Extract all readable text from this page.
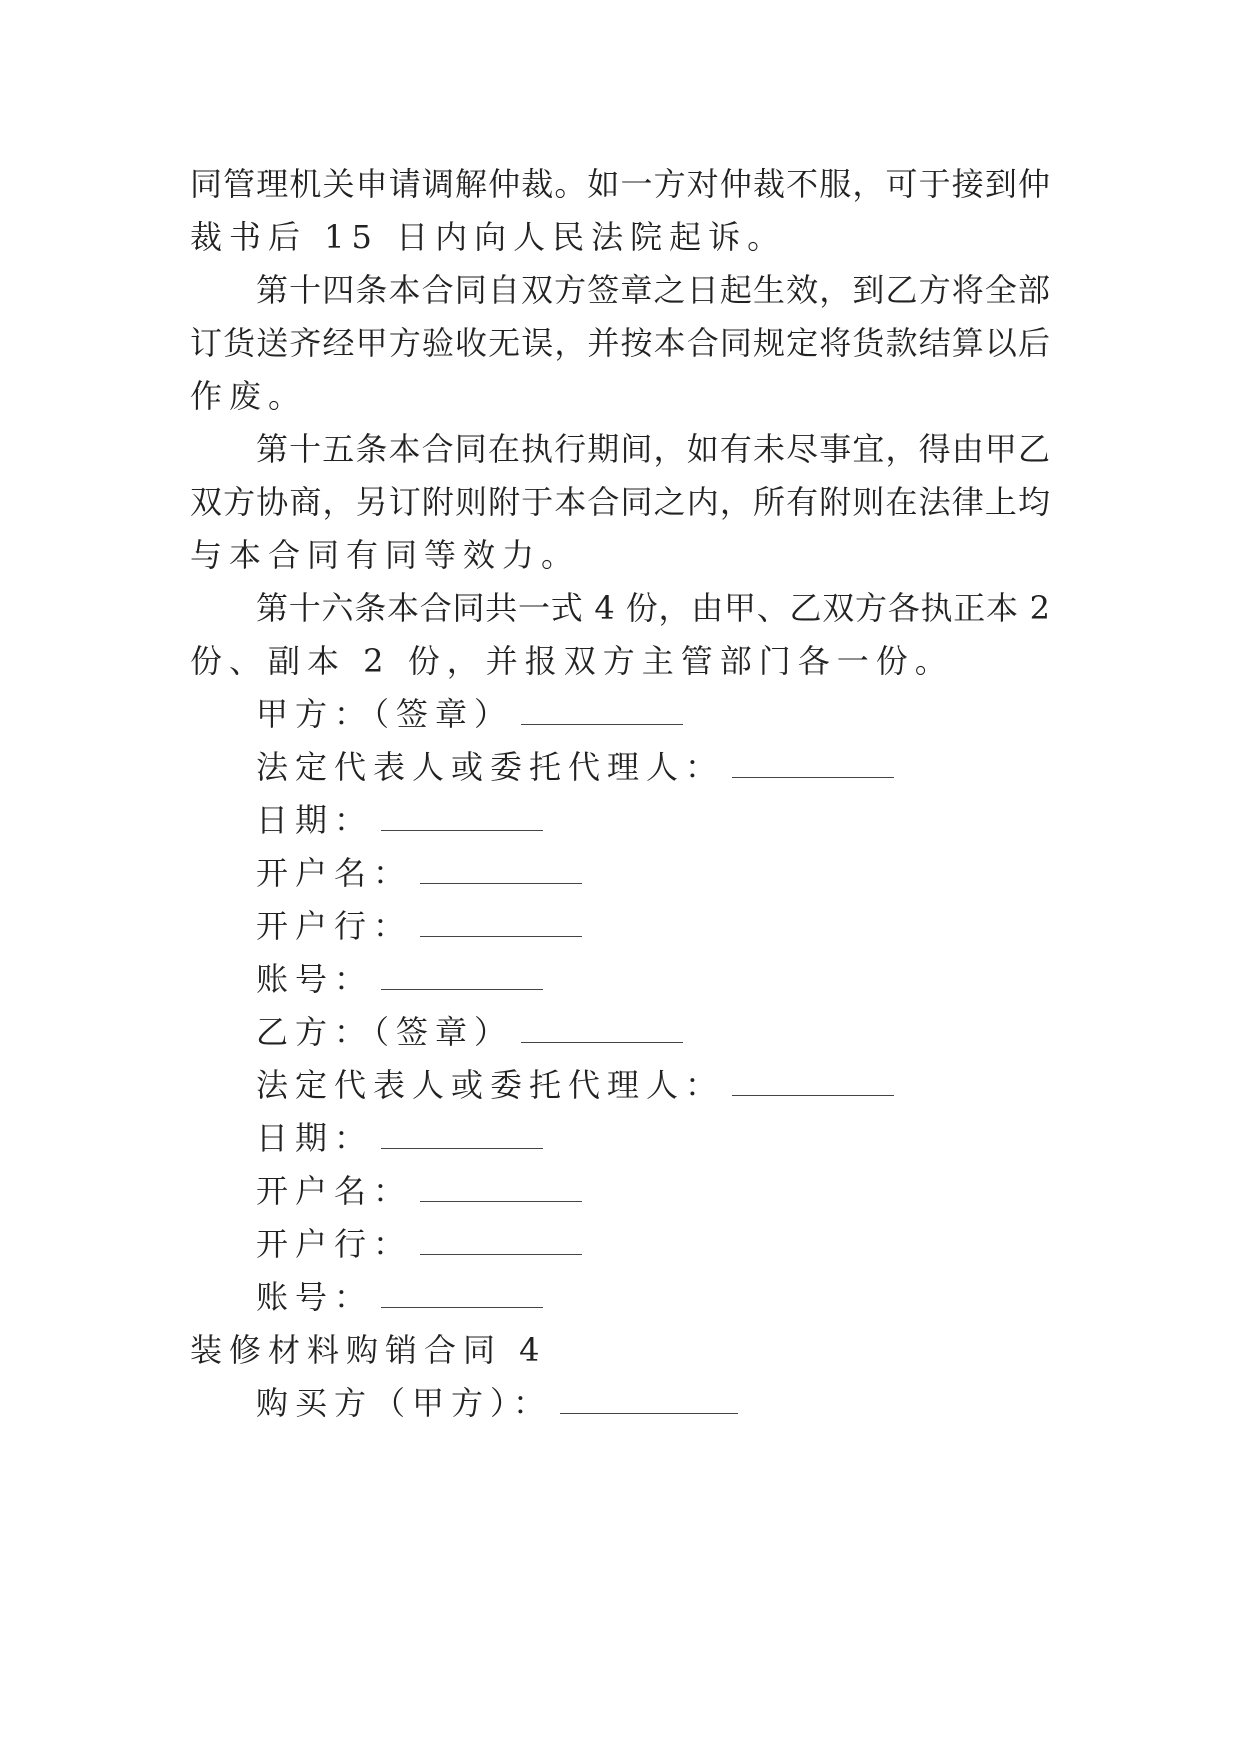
同管理机关申请调解仲裁。如一方对仲裁不服，可于接到仲
裁书后 15 日内向人民法院起诉。
第十四条本合同自双方签章之日起生效，到乙方将全部
订货送齐经甲方验收无误，并按本合同规定将货款结算以后
作废。
第十五条本合同在执行期间，如有未尽事宜，得由甲乙
双方协商，另订附则附于本合同之内，所有附则在法律上均
与本合同有同等效力。
第十六条本合同共一式 4 份，由甲、乙双方各执正本 2
份、副本 2 份，并报双方主管部门各一份。
甲方：（签章）
法定代表人或委托代理人：
日期：
开户名：
开户行：
账号：
乙方：（签章）
法定代表人或委托代理人：
日期：
开户名：
开户行：
账号：
装修材料购销合同 4
购买方（甲方）：
